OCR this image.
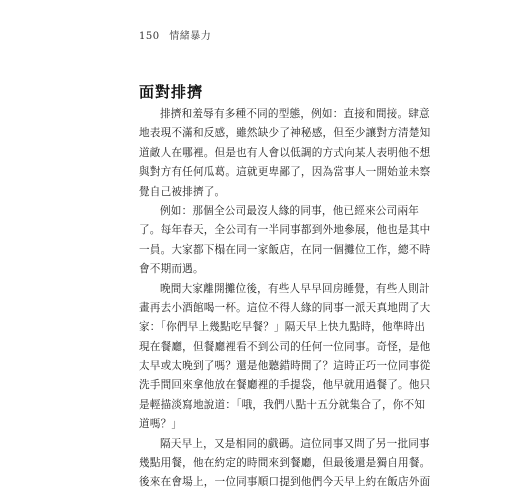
150 情緒暴力
面對排擠
排擠和羞辱有多種不同的型態，例如：直接和間接。肆意
地表現不滿和反感，雖然缺少了神秘感，但至少讓對方清楚知
道敵人在哪裡。但是也有人會以低調的方式向某人表明他不想
與對方有任何瓜葛。這就更卑鄙了，因為當事人一開始並未察
覺自己被排擠了。
例如：那個全公司最沒人緣的同事，他已經來公司兩年
了。每年春天，全公司有一半同事都到外地參展，他也是其中
一員。大家都下榻在同一家飯店，在同一個攤位工作，總不時
會不期而遇。
晚間大家離開攤位後，有些人早早回房睡覺，有些人則計
畫再去小酒館喝一杯。這位不得人緣的同事一派天真地問了大
家：「你們早上幾點吃早餐？」隔天早上快九點時，他準時出
現在餐廳，但餐廳裡看不到公司的任何一位同事。奇怪，是他
太早或太晚到了嗎？還是他聽錯時間了？這時正巧一位同事從
洗手間回來拿他放在餐廳裡的手提袋，他早就用過餐了。他只
是輕描淡寫地說道：「哦，我們八點十五分就集合了，你不知
道嗎？」
隔天早上，又是相同的戲碼。這位同事又問了另一批同事
幾點用餐，他在約定的時間來到餐廳，但最後還是獨自用餐。
後來在會場上，一位同事順口提到他們今天早上約在飯店外面
